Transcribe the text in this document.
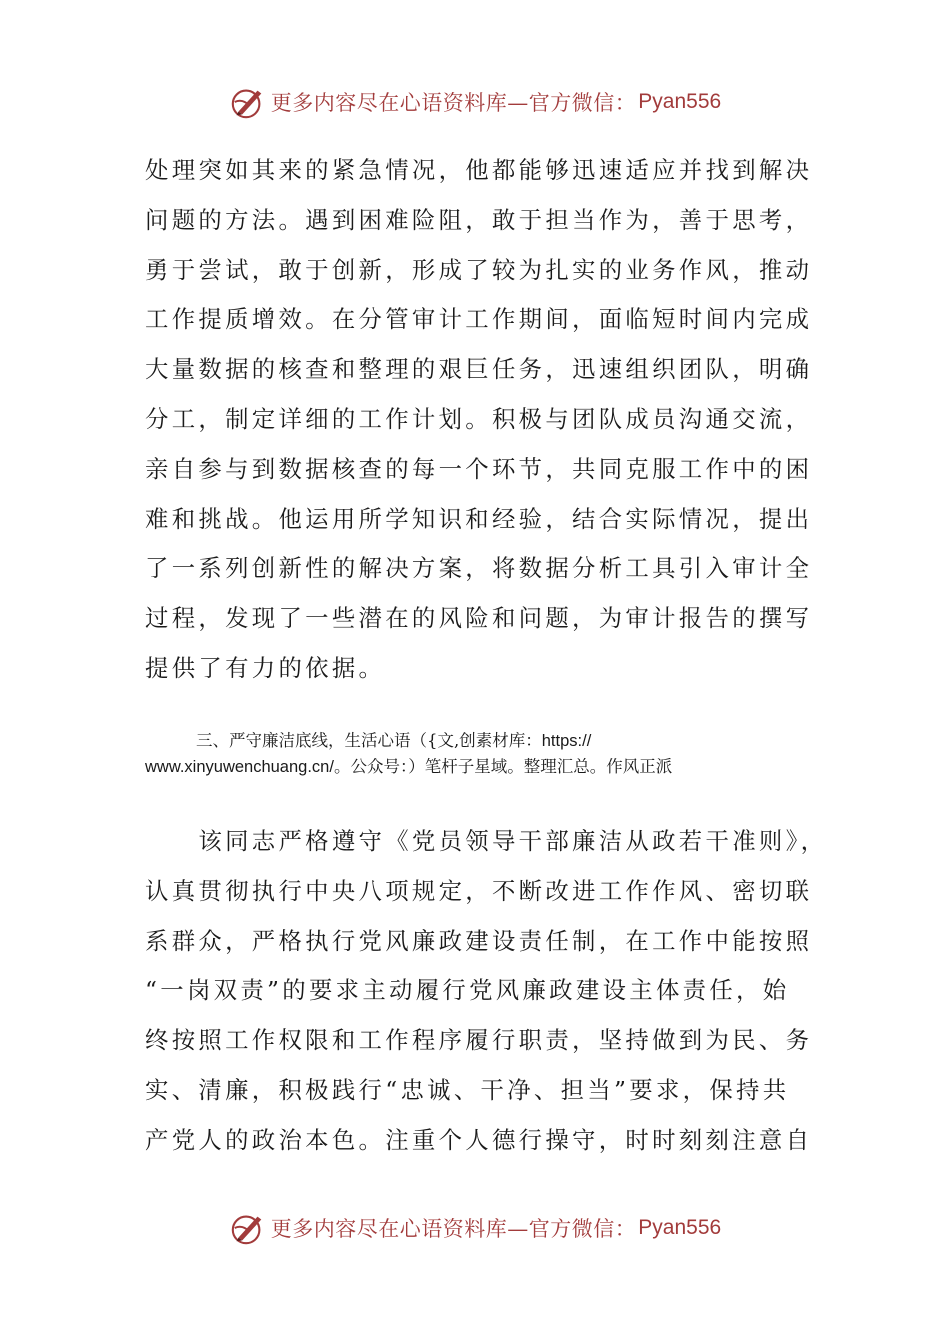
更多内容尽在心语资料库—官方微信： Pyan556
处理突如其来的紧急情况，他都能够迅速适应并找到解决
问题的方法。遇到困难险阻，敢于担当作为，善于思考，
勇于尝试，敢于创新，形成了较为扎实的业务作风，推动
工作提质增效。在分管审计工作期间，面临短时间内完成
大量数据的核查和整理的艰巨任务，迅速组织团队，明确
分工，制定详细的工作计划。积极与团队成员沟通交流，
亲自参与到数据核查的每一个环节，共同克服工作中的困
难和挑战。他运用所学知识和经验，结合实际情况，提出
了一系列创新性的解决方案，将数据分析工具引入审计全
过程，发现了一些潜在的风险和问题，为审计报告的撰写
提供了有力的依据。
三、严守廉洁底线，生活心语（{文,创素材库：https://
www.xinyuwenchuang.cn/。公众号：）笔杆子星域。整理汇总。作风正派
　　该同志严格遵守《党员领导干部廉洁从政若干准则》，
认真贯彻执行中央八项规定，不断改进工作作风、密切联
系群众，严格执行党风廉政建设责任制，在工作中能按照
“一岗双责”的要求主动履行党风廉政建设主体责任，始
终按照工作权限和工作程序履行职责，坚持做到为民、务
实、清廉，积极践行“忠诚、干净、担当”要求，保持共
产党人的政治本色。注重个人德行操守，时时刻刻注意自
更多内容尽在心语资料库—官方微信： Pyan556
